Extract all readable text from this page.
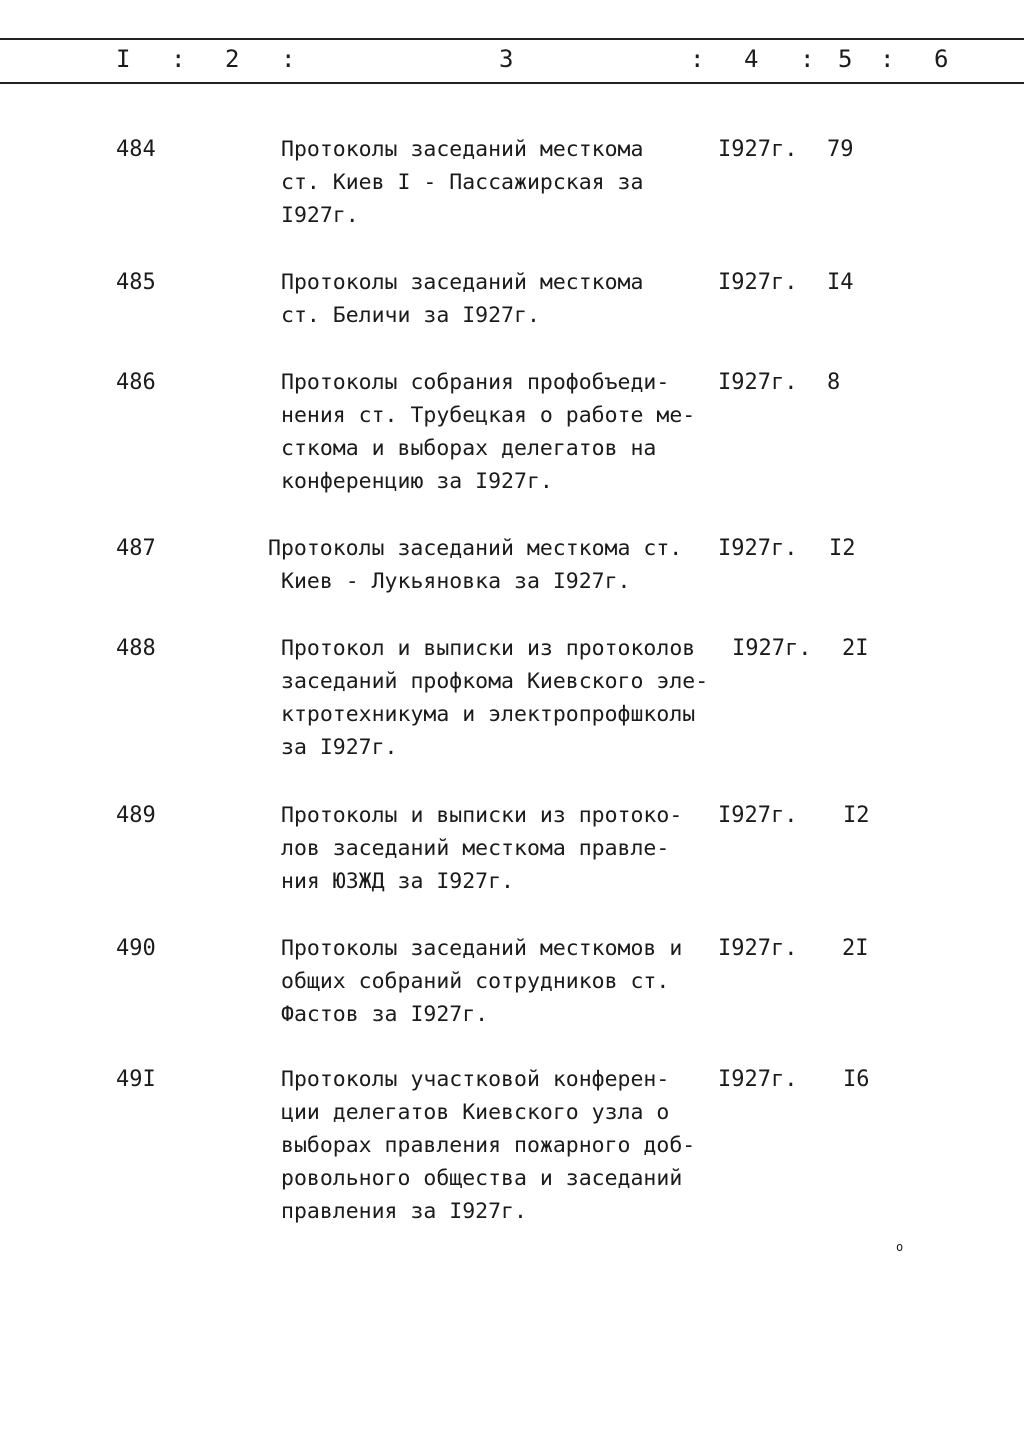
I : 2 :	3	: 4 : 5 : 6
484	Протоколы заседаний месткома
ст. Киев I - Пассажирская за
I927г.
I927г. 79
485	Протоколы заседаний месткома
ст. Беличи за I927г.
I927г. I4
486	Протоколы собрания профобъеди-
нения ст. Трубецкая о работе ме-
сткома и выборах делегатов на
конференцию за I927г.
I927г. 8
487	Протоколы заседаний месткома ст.
Киев - Лукьяновка за I927г.
I927г. I2
488	Протокол и выписки из протоколов
заседаний профкома Киевского эле-
ктротехникума и электропрофшколы
за I927г.
I927г. 2I
489	Протоколы и выписки из протоко-
лов заседаний месткома правле-
ния ЮЗЖД за I927г.
I927г. I2
490	Протоколы заседаний месткомов и
общих собраний сотрудников ст.
Фастов за I927г.
I927г. 2I
49I	Протоколы участковой конферен-
ции делегатов Киевского узла о
выборах правления пожарного доб-
ровольного общества и заседаний
правления за I927г.
I927г. I6
o
